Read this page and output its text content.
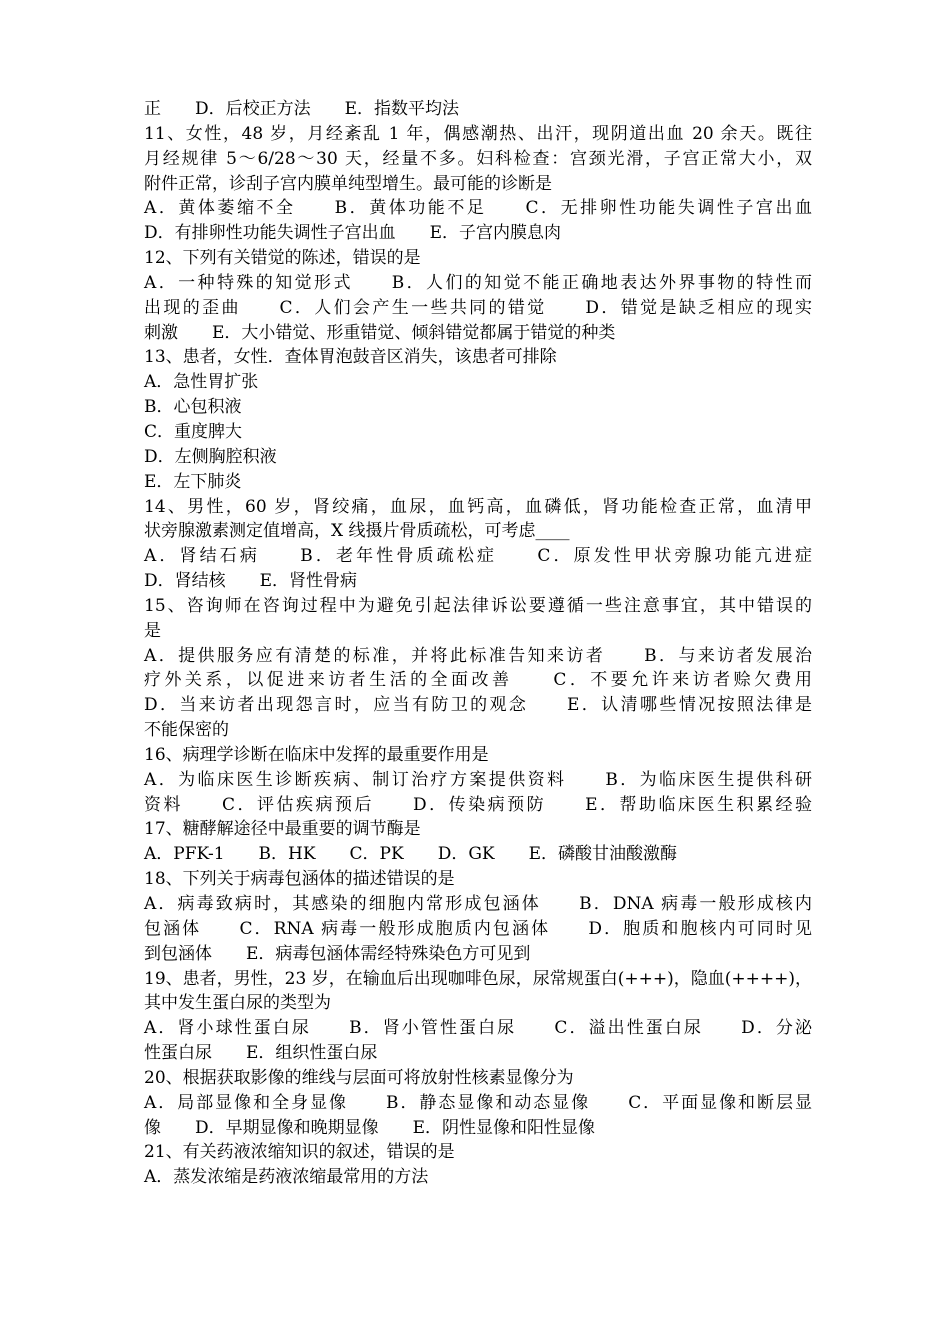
正　　D．后校正方法　　E．指数平均法
11、女性，48 岁，月经紊乱 1 年，偶感潮热、出汗，现阴道出血 20 余天。既往
月经规律 5～6/28～30 天，经量不多。妇科检查：宫颈光滑，子宫正常大小，双
附件正常，诊刮子宫内膜单纯型增生。最可能的诊断是
A．黄体萎缩不全　　B．黄体功能不足　　C．无排卵性功能失调性子宫出血
D．有排卵性功能失调性子宫出血　　E．子宫内膜息肉
12、下列有关错觉的陈述，错误的是
A．一种特殊的知觉形式　　B．人们的知觉不能正确地表达外界事物的特性而
出现的歪曲　　C．人们会产生一些共同的错觉　　D．错觉是缺乏相应的现实
刺激　　E．大小错觉、形重错觉、倾斜错觉都属于错觉的种类
13、患者，女性．查体胃泡鼓音区消失，该患者可排除
A．急性胃扩张
B．心包积液
C．重度脾大
D．左侧胸腔积液
E．左下肺炎
14、男性，60 岁，肾绞痛，血尿，血钙高，血磷低，肾功能检查正常，血清甲
状旁腺激素测定值增高，X 线摄片骨质疏松，可考虑____
A．肾结石病　　B．老年性骨质疏松症　　C．原发性甲状旁腺功能亢进症
D．肾结核　　E．肾性骨病
15、咨询师在咨询过程中为避免引起法律诉讼要遵循一些注意事宜，其中错误的
是
A．提供服务应有清楚的标准，并将此标准告知来访者　　B．与来访者发展治
疗外关系，以促进来访者生活的全面改善　　C．不要允许来访者赊欠费用
D．当来访者出现怨言时，应当有防卫的观念　　E．认清哪些情况按照法律是
不能保密的
16、病理学诊断在临床中发挥的最重要作用是
A．为临床医生诊断疾病、制订治疗方案提供资料　　B．为临床医生提供科研
资料　　C．评估疾病预后　　D．传染病预防　　E．帮助临床医生积累经验
17、糖酵解途径中最重要的调节酶是
A．PFK-1　　B．HK　　C．PK　　D．GK　　E．磷酸甘油酸激酶
18、下列关于病毒包涵体的描述错误的是
A．病毒致病时，其感染的细胞内常形成包涵体　　B．DNA 病毒一般形成核内
包涵体　　C．RNA 病毒一般形成胞质内包涵体　　D．胞质和胞核内可同时见
到包涵体　　E．病毒包涵体需经特殊染色方可见到
19、患者，男性，23 岁，在输血后出现咖啡色尿，尿常规蛋白(+++)，隐血(++++)，
其中发生蛋白尿的类型为
A．肾小球性蛋白尿　　B．肾小管性蛋白尿　　C．溢出性蛋白尿　　D．分泌
性蛋白尿　　E．组织性蛋白尿
20、根据获取影像的维线与层面可将放射性核素显像分为
A．局部显像和全身显像　　B．静态显像和动态显像　　C．平面显像和断层显
像　　D．早期显像和晚期显像　　E．阴性显像和阳性显像
21、有关药液浓缩知识的叙述，错误的是
A．蒸发浓缩是药液浓缩最常用的方法
